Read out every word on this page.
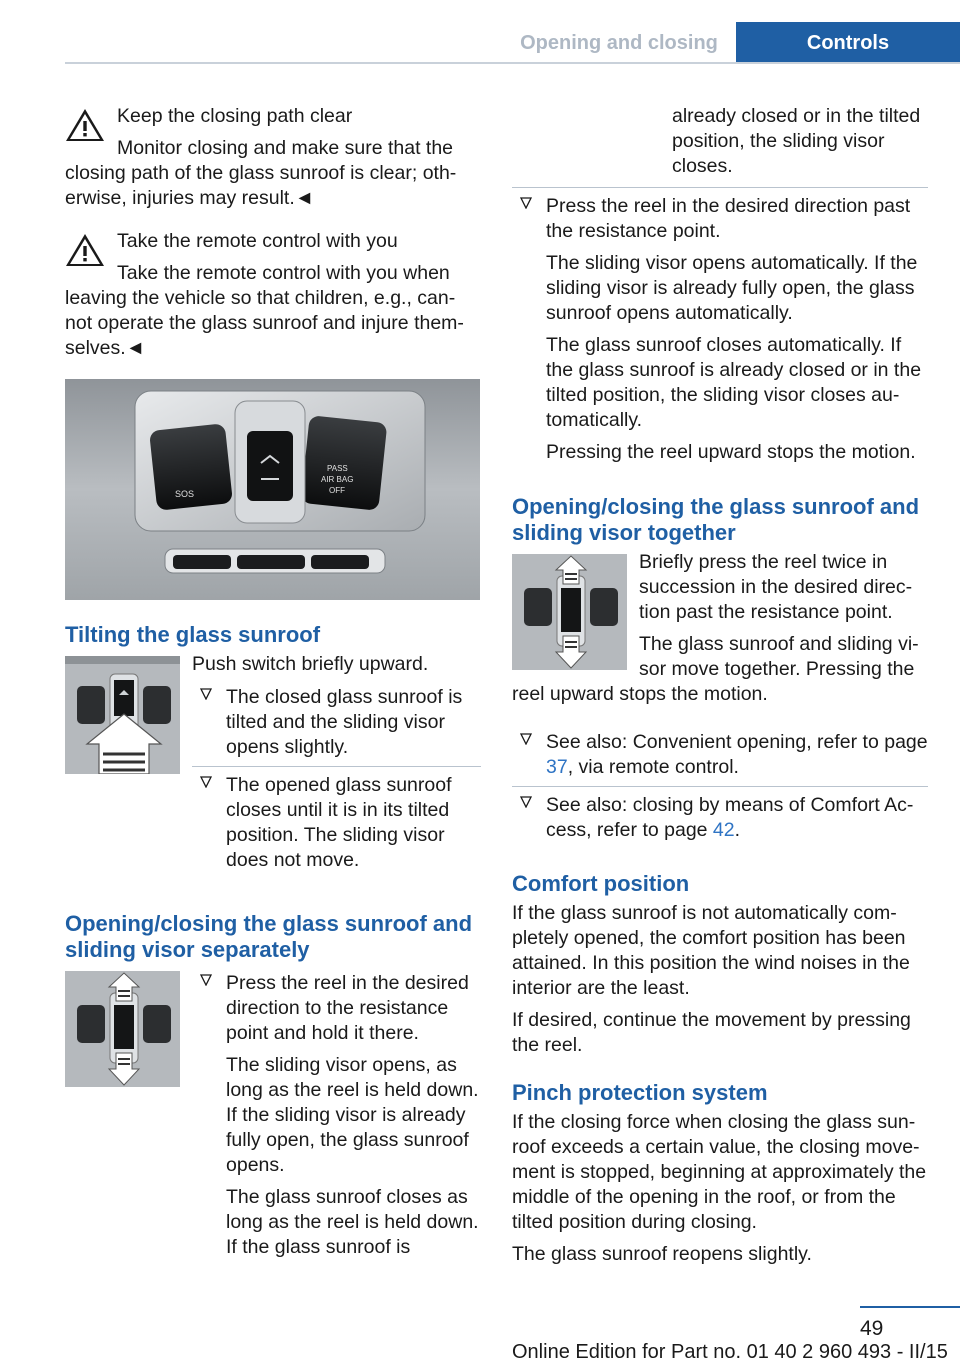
Opening and closing	Controls

Keep the closing path clear

Monitor closing and make sure that the closing path of the glass sunroof is clear; oth‐erwise, injuries may result.◄

Take the remote control with you

Take the remote control with you when leaving the vehicle so that children, e.g., can‐not operate the glass sunroof and injure them‐selves.◄

SOS
PASS
AIR BAG
OFF
Tilting the glass sunroof

Push switch briefly upward.

The closed glass sunroof is tilted and the sliding visor opens slightly.
The opened glass sunroof closes until it is in its tilted position. The sliding visor does not move.
Opening/closing the glass sunroof and sliding visor separately

Press the reel in the desired direction to the resistance point and hold it there.

The sliding visor opens, as long as the reel is held down. If the sliding visor is already fully open, the glass sunroof opens.

The glass sunroof closes as long as the reel is held down. If the glass sunroof is

already closed or in the tilted position, the sliding visor closes.

Press the reel in the desired direction past the resistance point.

The sliding visor opens automatically. If the sliding visor is already fully open, the glass sunroof opens automatically.

The glass sunroof closes automatically. If the glass sunroof is already closed or in the tilted position, the sliding visor closes au‐tomatically.

Pressing the reel upward stops the motion.

Opening/closing the glass sunroof and sliding visor together

Briefly press the reel twice in succession in the desired direc‐tion past the resistance point.

The glass sunroof and sliding vi‐sor move together. Pressing the reel upward stops the motion.

See also: Convenient opening, refer to page 37, via remote control.
See also: closing by means of Comfort Ac‐cess, refer to page 42.
Comfort position

If the glass sunroof is not automatically com‐pletely opened, the comfort position has been attained. In this position the wind noises in the interior are the least.

If desired, continue the movement by pressing the reel.

Pinch protection system

If the closing force when closing the glass sun‐roof exceeds a certain value, the closing move‐ment is stopped, beginning at approximately the middle of the opening in the roof, or from the tilted position during closing.

The glass sunroof reopens slightly.

49
Online Edition for Part no. 01 40 2 960 493 - II/15
